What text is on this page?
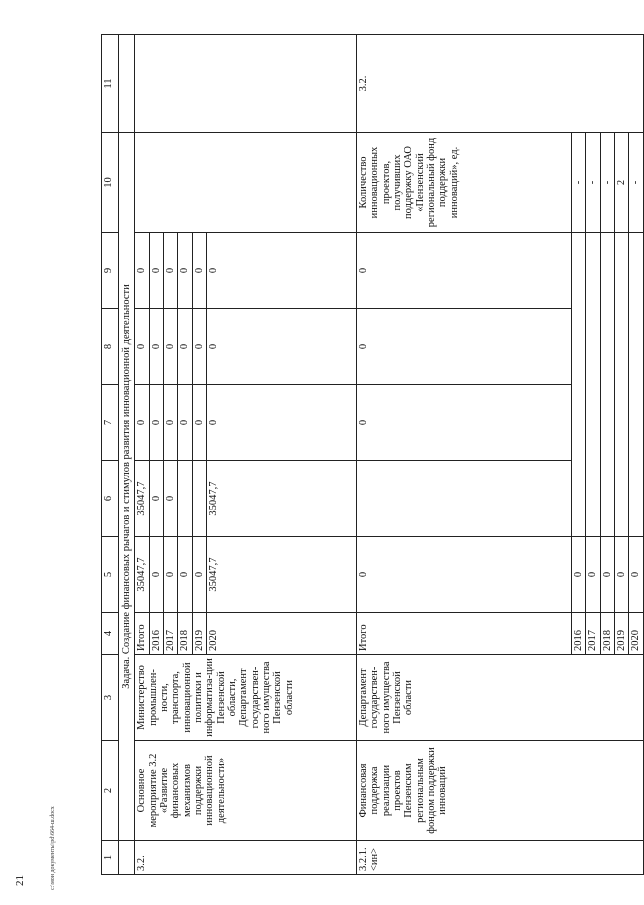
21	c:\мои документы\pd\664-ш.docx	1	2	3	4	5	6	7	8	9	10	11
	Задача. Создание финансовых рычагов и стимулов развития инновационной деятельности									
3.2.	Основное мероприятие 3.2 «Развитие финансовых механизмов поддержки инновационной деятельности»	Министерство промышлен-ности, транспорта, инновационной политики и информатиза-ции Пензенской области, Департамент государствен-ного имущества Пензенской области	Итого	35047,7	35047,7	0	0	0		
			2016	0	0	0	0	0		
			2017	0	0	0	0	0		
			2018	0		0	0	0		
			2019	0		0	0	0		
			2020	35047,7	35047,7	0	0	0		
3.2.1. <ин>	Финансовая поддержка реализации проектов Пензенским региональным фондом поддержки инноваций	Департамент государствен-ного имущества Пензенской области	Итого	0		0	0	0	Количество инновационных проектов, получивших поддержку ОАО «Пензенский региональный фонд поддержки инноваций», ед.	3.2.
			2016	0					-	
			2017	0					-	
			2018	0					-	
			2019	0					2	
			2020	0					-	
